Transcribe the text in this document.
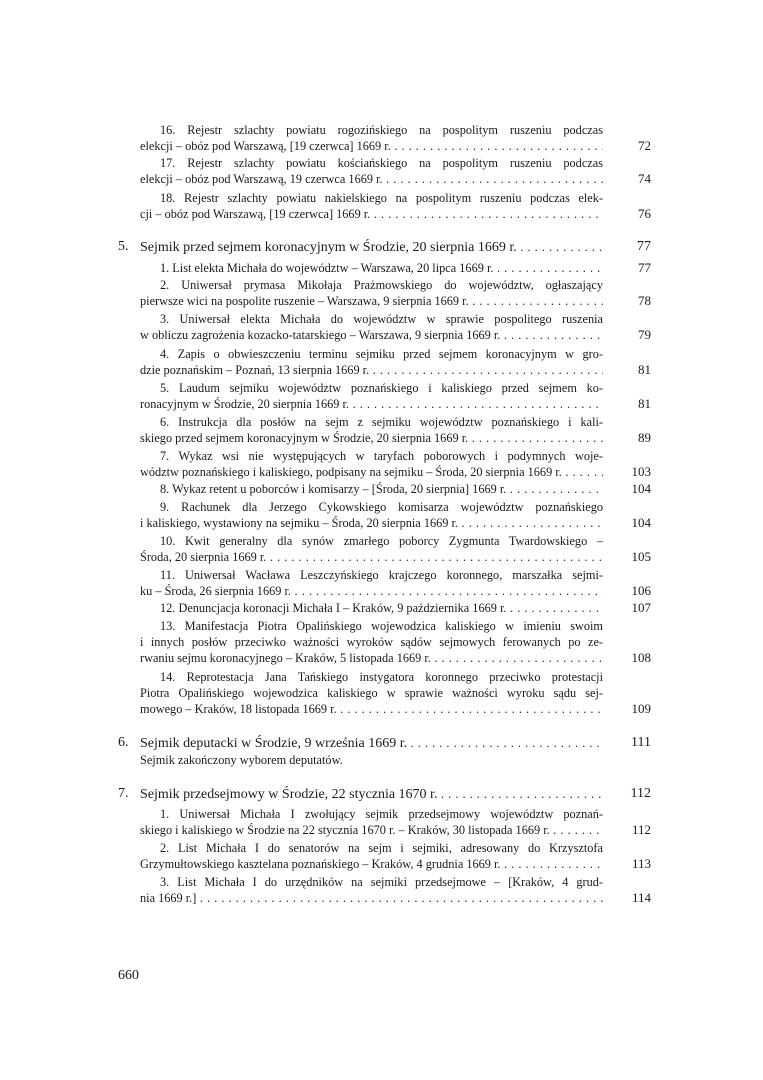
16. Rejestr szlachty powiatu rogozińskiego na pospolitym ruszeniu podczas
elekcji – obóz pod Warszawą, [19 czerwca] 1669 r. . . .	72
17. Rejestr szlachty powiatu kościańskiego na pospolitym ruszeniu podczas
elekcji – obóz pod Warszawą, 19 czerwca 1669 r. . . .	74
18. Rejestr szlachty powiatu nakielskiego na pospolitym ruszeniu podczas elek-
cji – obóz pod Warszawą, [19 czerwca] 1669 r. . . .	76
5. Sejmik przed sejmem koronacyjnym w Środzie, 20 sierpnia 1669 r. . . .	77
1. List elekta Michała do województw – Warszawa, 20 lipca 1669 r. . . .	77
2. Uniwersał prymasa Mikołaja Prażmowskiego do województw, ogłaszający
pierwsze wici na pospolite ruszenie – Warszawa, 9 sierpnia 1669 r. . . .	78
3. Uniwersał elekta Michała do województw w sprawie pospolitego ruszenia
w obliczu zagrożenia kozacko-tatarskiego – Warszawa, 9 sierpnia 1669 r. . . .	79
4. Zapis o obwieszczeniu terminu sejmiku przed sejmem koronacyjnym w gro-
dzie poznańskim – Poznań, 13 sierpnia 1669 r. . . .	81
5. Laudum sejmiku województw poznańskiego i kaliskiego przed sejmem ko-
ronacyjnym w Środzie, 20 sierpnia 1669 r. . . .	81
6. Instrukcja dla posłów na sejm z sejmiku województw poznańskiego i kali-
skiego przed sejmem koronacyjnym w Środzie, 20 sierpnia 1669 r. . . .	89
7. Wykaz wsi nie występujących w taryfach poborowych i podymnych woje-
wództw poznańskiego i kaliskiego, podpisany na sejmiku – Środa, 20 sierpnia 1669 r. . . .	103
8. Wykaz retent u poborców i komisarzy – [Środa, 20 sierpnia] 1669 r. . . .	104
9. Rachunek dla Jerzego Cykowskiego komisarza województw poznańskiego
i kaliskiego, wystawiony na sejmiku – Środa, 20 sierpnia 1669 r. . . .	104
10. Kwit generalny dla synów zmarłego poborcy Zygmunta Twardowskiego –
Środa, 20 sierpnia 1669 r. . . .	105
11. Uniwersał Wacława Leszczyńskiego krajczego koronnego, marszałka sejmi-
ku – Środa, 26 sierpnia 1669 r. . . .	106
12. Denuncjacja koronacji Michała I – Kraków, 9 października 1669 r. . . .	107
13. Manifestacja Piotra Opalińskiego wojewodzica kaliskiego w imieniu swoim
i innych posłów przeciwko ważności wyroków sądów sejmowych ferowanych po ze-
rwaniu sejmu koronacyjnego – Kraków, 5 listopada 1669 r. . . .	108
14. Reprotestacja Jana Tańskiego instygatora koronnego przeciwko protestacji
Piotra Opalińskiego wojewodzica kaliskiego w sprawie ważności wyroku sądu sej-
mowego – Kraków, 18 listopada 1669 r. . . .	109
6. Sejmik deputacki w Środzie, 9 września 1669 r. . . .	111
Sejmik zakończony wyborem deputatów.
7. Sejmik przedsejmowy w Środzie, 22 stycznia 1670 r. . . .	112
1. Uniwersał Michała I zwołujący sejmik przedsejmowy województw poznań-
skiego i kaliskiego w Środzie na 22 stycznia 1670 r. – Kraków, 30 listopada 1669 r. . . .	112
2. List Michała I do senatorów na sejm i sejmiki, adresowany do Krzysztofa
Grzymułtowskiego kasztelana poznańskiego – Kraków, 4 grudnia 1669 r. . . .	113
3. List Michała I do urzędników na sejmiki przedsejmowe – [Kraków, 4 grud-
nia 1669 r.] . . .	114
660
